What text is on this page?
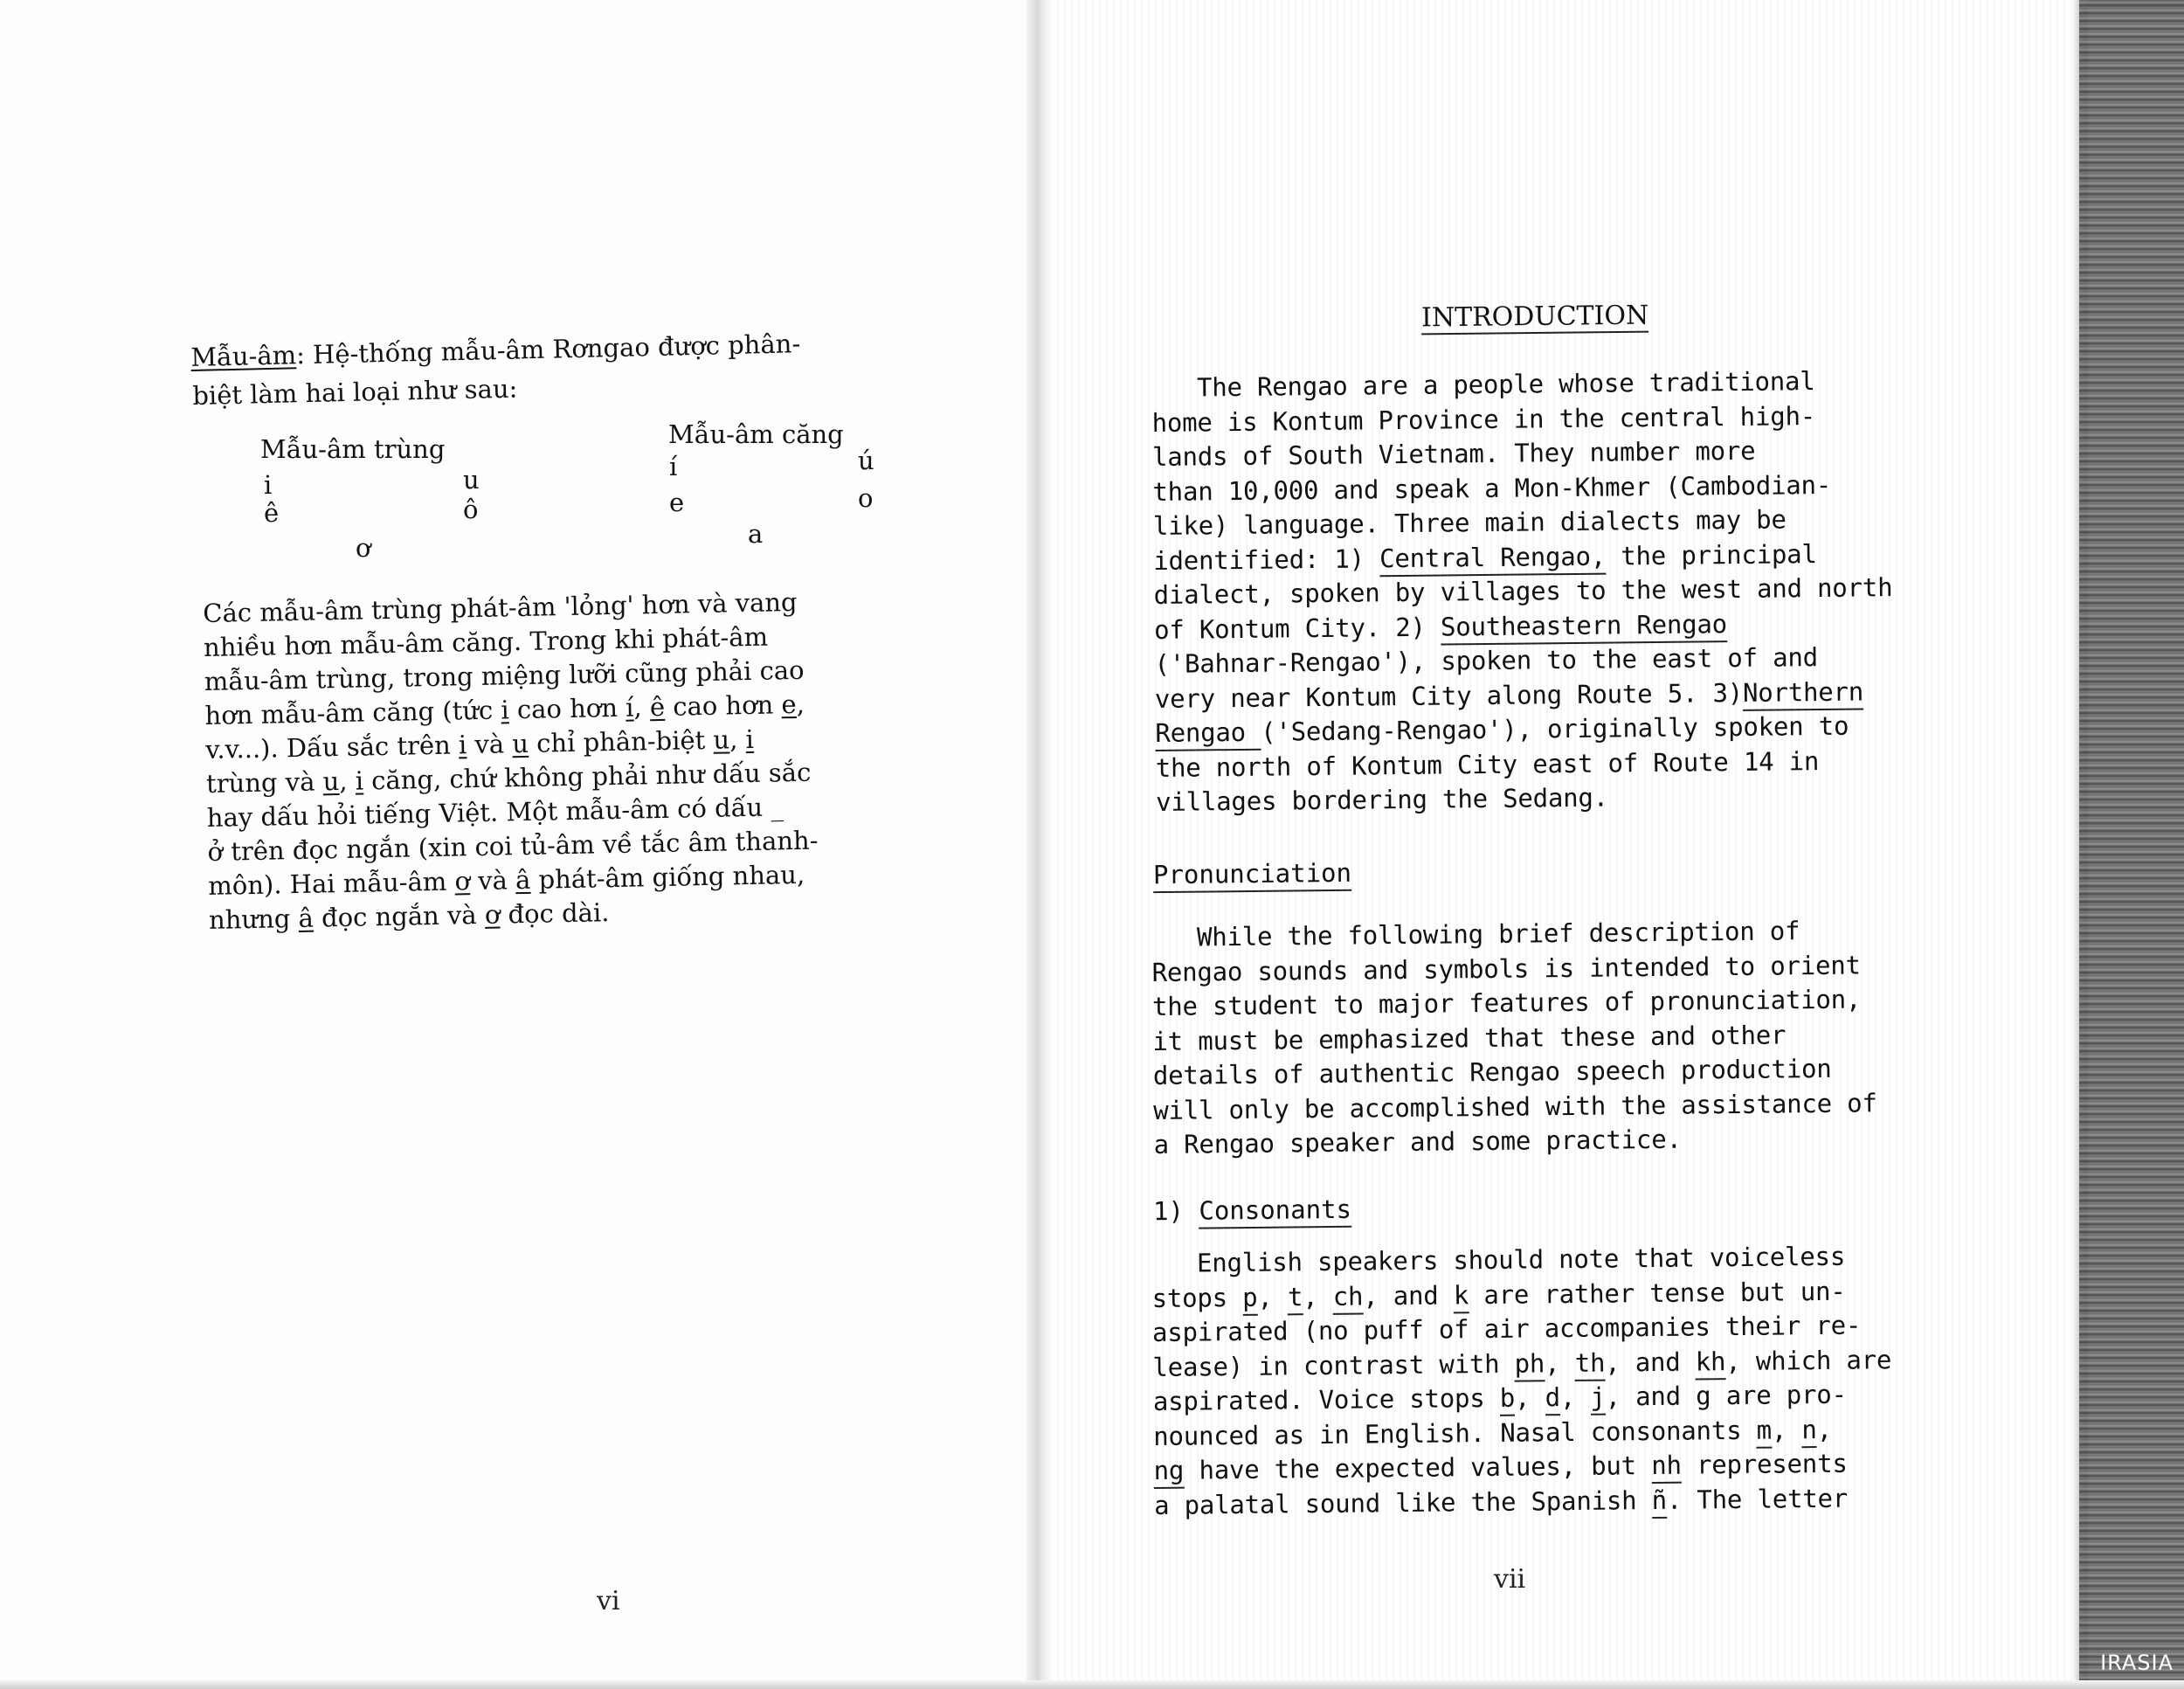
Mẫu-âm: Hệ-thống mẫu-âm Rơngao được phân-
biệt làm hai loại như sau:
Mẫu-âm trùng	Mẫu-âm căng
i	u
ê	ô
ơ
í	ú
e	o
a
Các mẫu-âm trùng phát-âm 'lỏng' hơn và vang
nhiều hơn mẫu-âm căng. Trong khi phát-âm
mẫu-âm trùng, trong miệng lưỡi cũng phải cao
hơn mẫu-âm căng (tức i cao hơn í, ê cao hơn e,
v.v...). Dấu sắc trên i và u chỉ phân-biệt u, i
trùng và u, i căng, chứ không phải như dấu sắc
hay dấu hỏi tiếng Việt. Một mẫu-âm có dấu _
ở trên đọc ngắn (xin coi tủ-âm về tắc âm thanh-
môn). Hai mẫu-âm ơ và â phát-âm giống nhau,
nhưng â đọc ngắn và ơ đọc dài.
vi
INTRODUCTION
The Rengao are a people whose traditional
home is Kontum Province in the central high-
lands of South Vietnam. They number more
than 10,000 and speak a Mon-Khmer (Cambodian-
like) language. Three main dialects may be
identified: 1) Central Rengao, the principal
dialect, spoken by villages to the west and north
of Kontum City. 2) Southeastern Rengao
('Bahnar-Rengao'), spoken to the east of and
very near Kontum City along Route 5. 3)Northern
Rengao ('Sedang-Rengao'), originally spoken to
the north of Kontum City east of Route 14 in
villages bordering the Sedang.
Pronunciation
While the following brief description of
Rengao sounds and symbols is intended to orient
the student to major features of pronunciation,
it must be emphasized that these and other
details of authentic Rengao speech production
will only be accomplished with the assistance of
a Rengao speaker and some practice.
1) Consonants
English speakers should note that voiceless
stops p, t, ch, and k are rather tense but un-
aspirated (no puff of air accompanies their re-
lease) in contrast with ph, th, and kh, which are
aspirated. Voice stops b, d, j, and g are pro-
nounced as in English. Nasal consonants m, n,
ng have the expected values, but nh represents
a palatal sound like the Spanish ñ. The letter
vii
IRASIA
